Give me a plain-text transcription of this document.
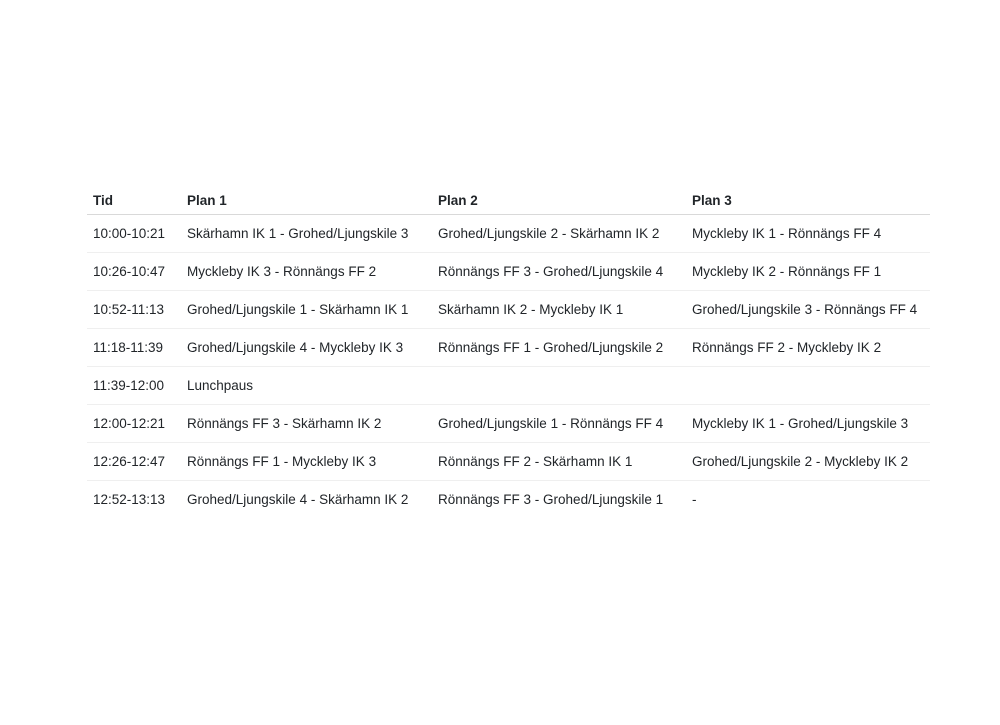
Tid	Plan 1	Plan 2	Plan 3
10:00-10:21	Skärhamn IK 1 - Grohed/Ljungskile 3	Grohed/Ljungskile 2 - Skärhamn IK 2	Myckleby IK 1 - Rönnängs FF 4
10:26-10:47	Myckleby IK 3 - Rönnängs FF 2	Rönnängs FF 3 - Grohed/Ljungskile 4	Myckleby IK 2 - Rönnängs FF 1
10:52-11:13	Grohed/Ljungskile 1 - Skärhamn IK 1	Skärhamn IK 2 - Myckleby IK 1	Grohed/Ljungskile 3 - Rönnängs FF 4
11:18-11:39	Grohed/Ljungskile 4 - Myckleby IK 3	Rönnängs FF 1 - Grohed/Ljungskile 2	Rönnängs FF 2 - Myckleby IK 2
11:39-12:00	Lunchpaus		
12:00-12:21	Rönnängs FF 3 - Skärhamn IK 2	Grohed/Ljungskile 1 - Rönnängs FF 4	Myckleby IK 1 - Grohed/Ljungskile 3
12:26-12:47	Rönnängs FF 1 - Myckleby IK 3	Rönnängs FF 2 - Skärhamn IK 1	Grohed/Ljungskile 2 - Myckleby IK 2
12:52-13:13	Grohed/Ljungskile 4 - Skärhamn IK 2	Rönnängs FF 3 - Grohed/Ljungskile 1	-
